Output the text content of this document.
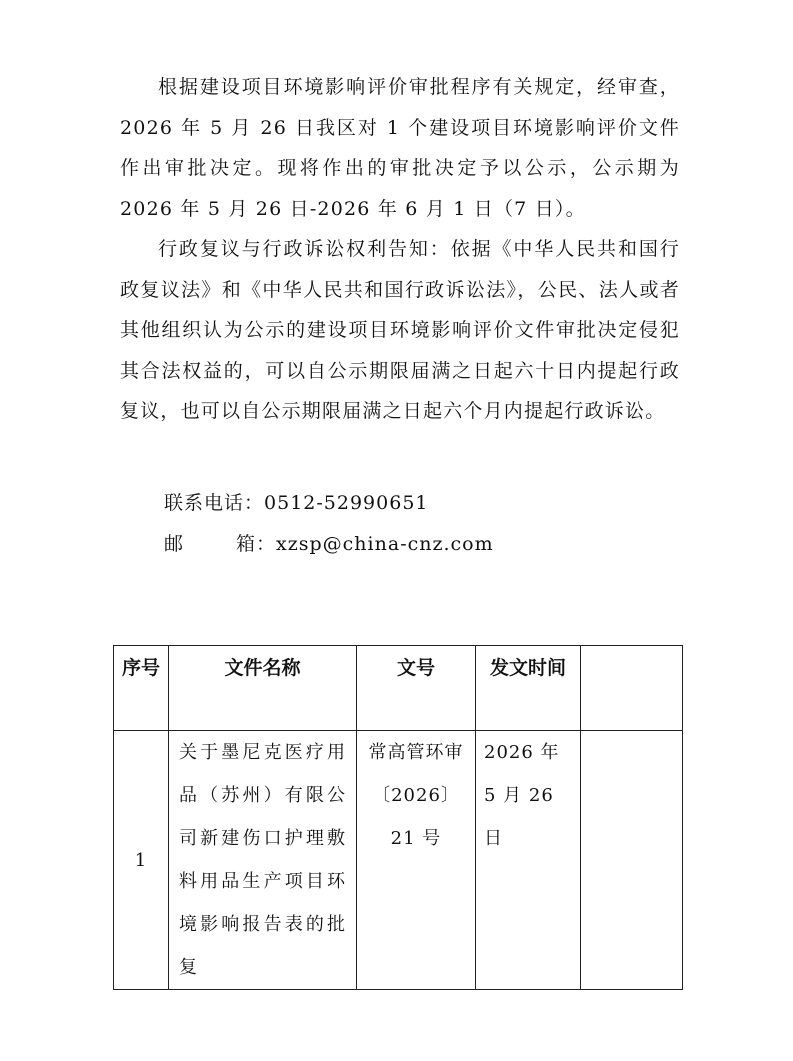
根据建设项目环境影响评价审批程序有关规定，经审查，2026 年 5 月 26 日我区对 1 个建设项目环境影响评价文件作出审批决定。现将作出的审批决定予以公示，公示期为 2026 年 5 月 26 日-2026 年 6 月 1 日（7 日）。

行政复议与行政诉讼权利告知：依据《中华人民共和国行政复议法》和《中华人民共和国行政诉讼法》，公民、法人或者其他组织认为公示的建设项目环境影响评价文件审批决定侵犯其合法权益的，可以自公示期限届满之日起六十日内提起行政复议，也可以自公示期限届满之日起六个月内提起行政诉讼。

联系电话：0512-52990651
邮	箱：xzsp@china-cnz.com
序号	文件名称	文号	发文时间	
1	关于墨尼克医疗用品（苏州）有限公司新建伤口护理敷料用品生产项目环境影响报告表的批复	常高管环审〔2026〕21 号	2026 年 5 月 26 日	
